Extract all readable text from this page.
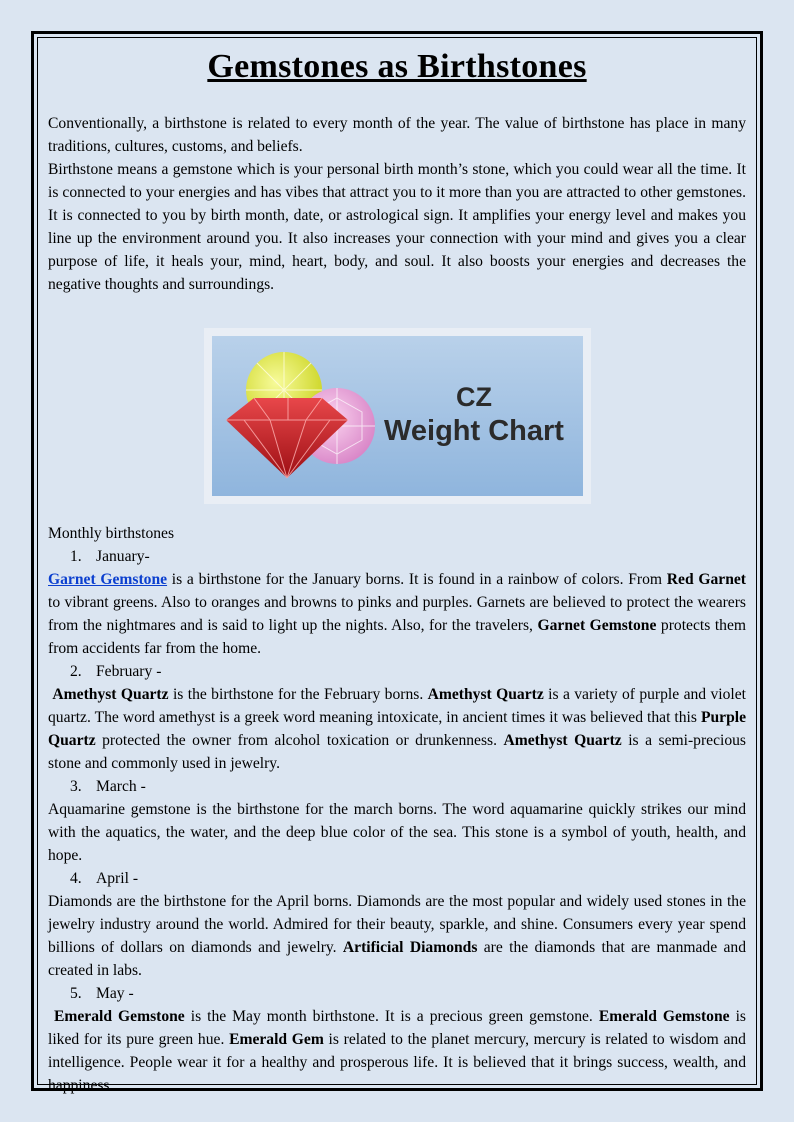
Gemstones as Birthstones

Conventionally, a birthstone is related to every month of the year. The value of birthstone has place in many traditions, cultures, customs, and beliefs.

Birthstone means a gemstone which is your personal birth month’s stone, which you could wear all the time. It is connected to your energies and has vibes that attract you to it more than you are attracted to other gemstones. It is connected to you by birth month, date, or astrological sign. It amplifies your energy level and makes you line up the environment around you. It also increases your connection with your mind and gives you a clear purpose of life, it heals your, mind, heart, body, and soul. It also boosts your energies and decreases the negative thoughts and surroundings.

CZ
Weight Chart
Monthly birthstones
1. January-

Garnet Gemstone is a birthstone for the January borns. It is found in a rainbow of colors. From Red Garnet to vibrant greens. Also to oranges and browns to pinks and purples. Garnets are believed to protect the wearers from the nightmares and is said to light up the nights. Also, for the travelers, Garnet Gemstone protects them from accidents far from the home.

2. February -

Amethyst Quartz is the birthstone for the February borns. Amethyst Quartz is a variety of purple and violet quartz. The word amethyst is a greek word meaning intoxicate, in ancient times it was believed that this Purple Quartz protected the owner from alcohol toxication or drunkenness. Amethyst Quartz is a semi-precious stone and commonly used in jewelry.

3. March -

Aquamarine gemstone is the birthstone for the march borns. The word aquamarine quickly strikes our mind with the aquatics, the water, and the deep blue color of the sea. This stone is a symbol of youth, health, and hope.

4. April -

Diamonds are the birthstone for the April borns. Diamonds are the most popular and widely used stones in the jewelry industry around the world. Admired for their beauty, sparkle, and shine. Consumers every year spend billions of dollars on diamonds and jewelry. Artificial Diamonds are the diamonds that are manmade and created in labs.

5. May -

Emerald Gemstone is the May month birthstone. It is a precious green gemstone. Emerald Gemstone is liked for its pure green hue. Emerald Gem is related to the planet mercury, mercury is related to wisdom and intelligence. People wear it for a healthy and prosperous life. It is believed that it brings success, wealth, and happiness.
